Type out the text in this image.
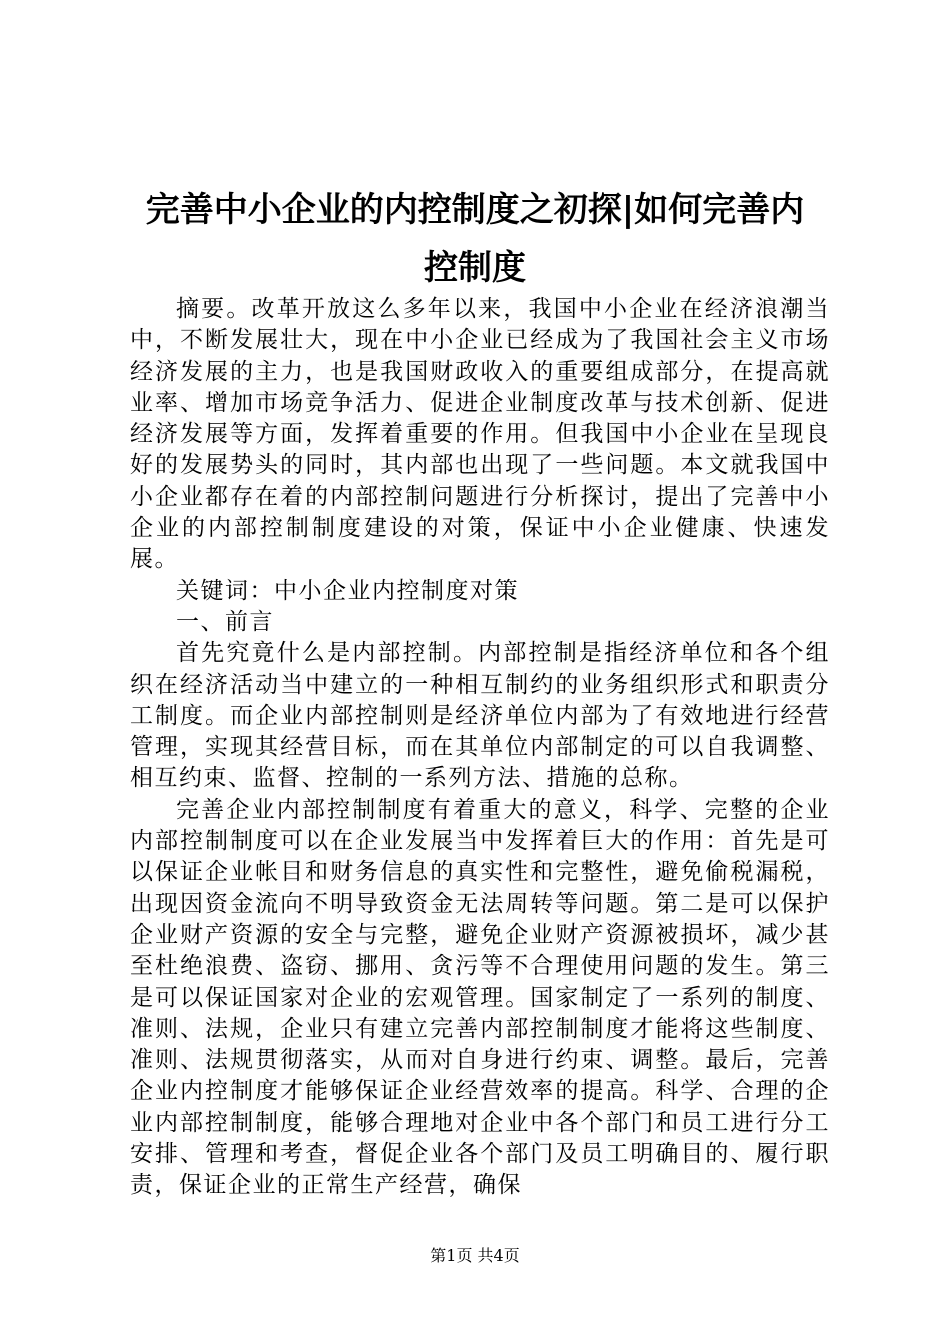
完善中小企业的内控制度之初探|如何完善内
控制度

摘要。改革开放这么多年以来，我国中小企业在经济浪潮当中，不断发展壮大，现在中小企业已经成为了我国社会主义市场经济发展的主力，也是我国财政收入的重要组成部分，在提高就业率、增加市场竞争活力、促进企业制度改革与技术创新、促进经济发展等方面，发挥着重要的作用。但我国中小企业在呈现良好的发展势头的同时，其内部也出现了一些问题。本文就我国中小企业都存在着的内部控制问题进行分析探讨，提出了完善中小企业的内部控制制度建设的对策，保证中小企业健康、快速发展。

关键词：中小企业内控制度对策

一、前言

首先究竟什么是内部控制。内部控制是指经济单位和各个组织在经济活动当中建立的一种相互制约的业务组织形式和职责分工制度。而企业内部控制则是经济单位内部为了有效地进行经营管理，实现其经营目标，而在其单位内部制定的可以自我调整、相互约束、监督、控制的一系列方法、措施的总称。

完善企业内部控制制度有着重大的意义，科学、完整的企业内部控制制度可以在企业发展当中发挥着巨大的作用：首先是可以保证企业帐目和财务信息的真实性和完整性，避免偷税漏税，出现因资金流向不明导致资金无法周转等问题。第二是可以保护企业财产资源的安全与完整，避免企业财产资源被损坏，减少甚至杜绝浪费、盗窃、挪用、贪污等不合理使用问题的发生。第三是可以保证国家对企业的宏观管理。国家制定了一系列的制度、准则、法规，企业只有建立完善内部控制制度才能将这些制度、准则、法规贯彻落实，从而对自身进行约束、调整。最后，完善企业内控制度才能够保证企业经营效率的提高。科学、合理的企业内部控制制度，能够合理地对企业中各个部门和员工进行分工安排、管理和考查，督促企业各个部门及员工明确目的、履行职责，保证企业的正常生产经营，确保

第1页 共4页
